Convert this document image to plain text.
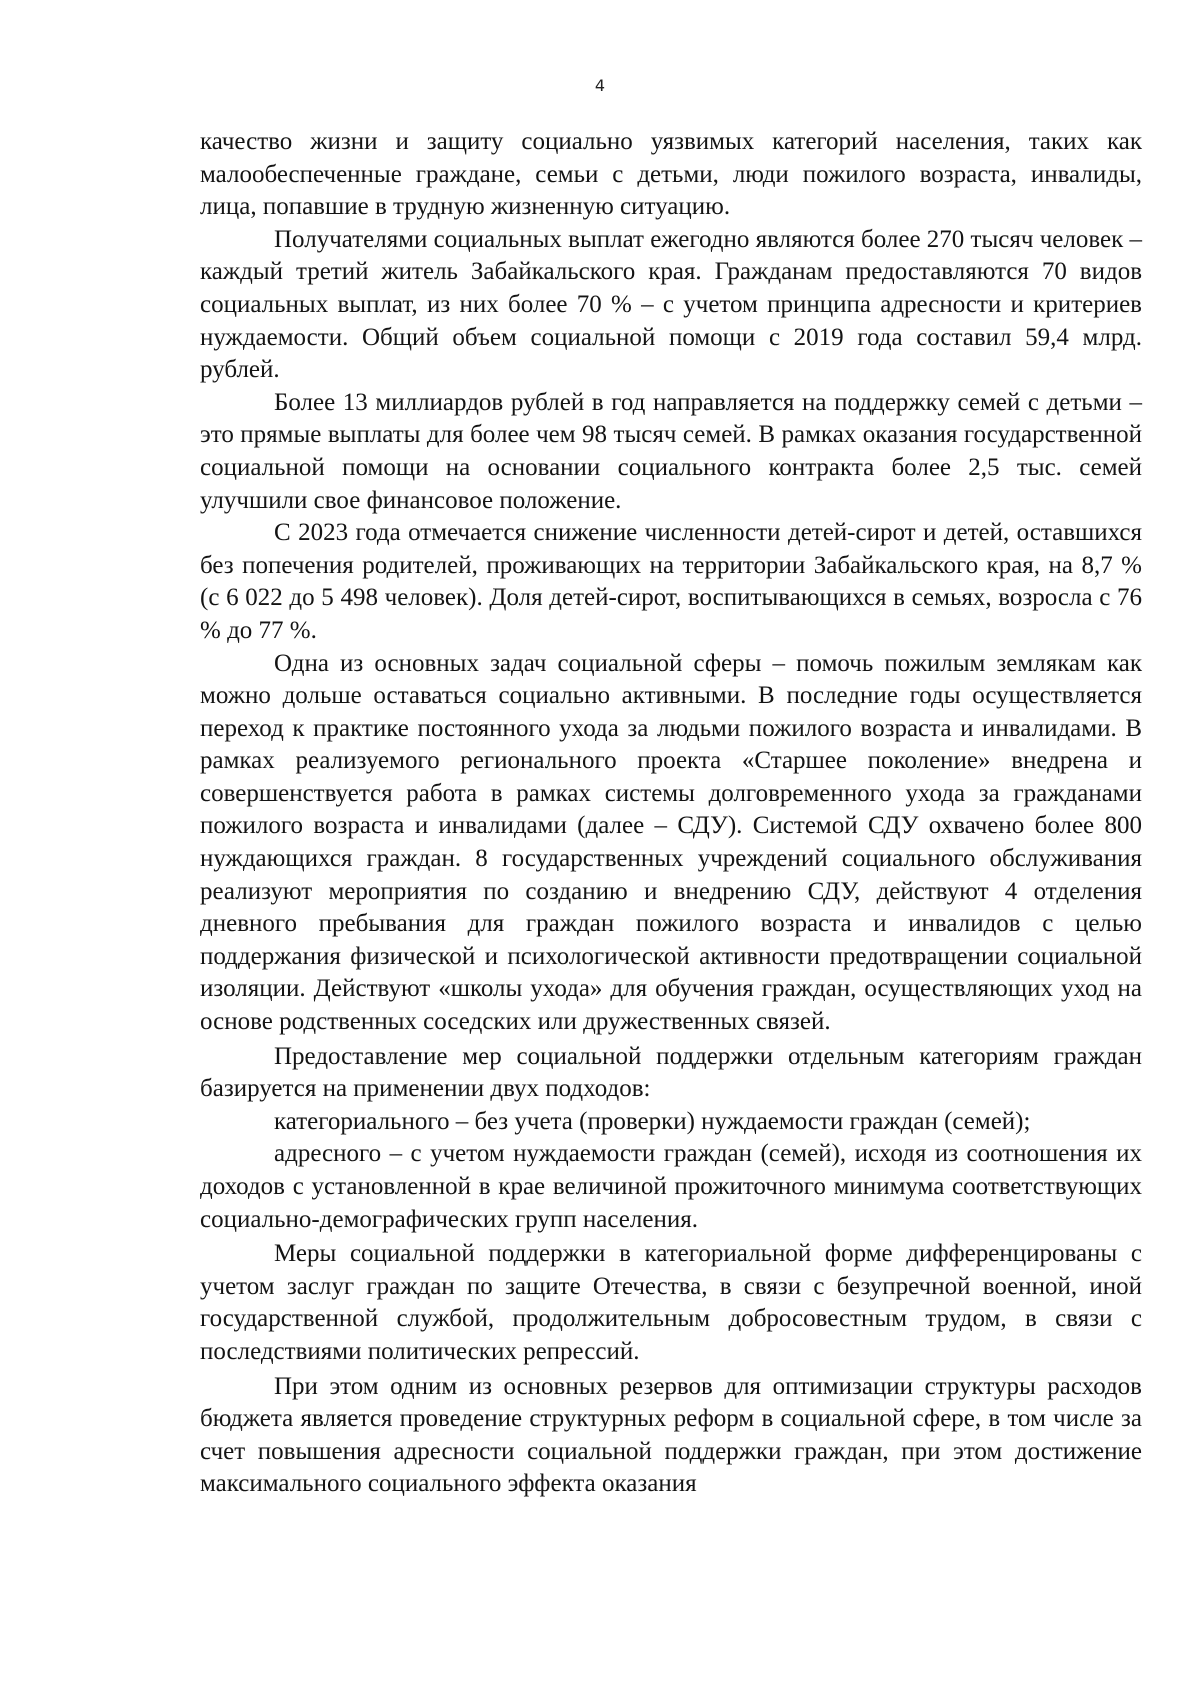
4

качество жизни и защиту социально уязвимых категорий населения, таких как малообеспеченные граждане, семьи с детьми, люди пожилого возраста, инвалиды, лица, попавшие в трудную жизненную ситуацию.

Получателями социальных выплат ежегодно являются более 270 тысяч человек – каждый третий житель Забайкальского края. Гражданам предоставляются 70 видов социальных выплат, из них более 70 % – с учетом принципа адресности и критериев нуждаемости. Общий объем социальной помощи с 2019 года составил 59,4 млрд. рублей.

Более 13 миллиардов рублей в год направляется на поддержку семей с детьми – это прямые выплаты для более чем 98 тысяч семей. В рамках оказания государственной социальной помощи на основании социального контракта более 2,5 тыс. семей улучшили свое финансовое положение.

С 2023 года отмечается снижение численности детей-сирот и детей, оставшихся без попечения родителей, проживающих на территории Забайкальского края, на 8,7 % (с 6 022 до 5 498 человек). Доля детей-сирот, воспитывающихся в семьях, возросла с 76 % до 77 %.

Одна из основных задач социальной сферы – помочь пожилым землякам как можно дольше оставаться социально активными. В последние годы осуществляется переход к практике постоянного ухода за людьми пожилого возраста и инвалидами. В рамках реализуемого регионального проекта «Старшее поколение» внедрена и совершенствуется работа в рамках системы долговременного ухода за гражданами пожилого возраста и инвалидами (далее – СДУ). Системой СДУ охвачено более 800 нуждающихся граждан. 8 государственных учреждений социального обслуживания реализуют мероприятия по созданию и внедрению СДУ, действуют 4 отделения дневного пребывания для граждан пожилого возраста и инвалидов с целью поддержания физической и психологической активности предотвращении социальной изоляции. Действуют «школы ухода» для обучения граждан, осуществляющих уход на основе родственных соседских или дружественных связей.

Предоставление мер социальной поддержки отдельным категориям граждан базируется на применении двух подходов:

категориального – без учета (проверки) нуждаемости граждан (семей);

адресного – с учетом нуждаемости граждан (семей), исходя из соотношения их доходов с установленной в крае величиной прожиточного минимума соответствующих социально-демографических групп населения.

Меры социальной поддержки в категориальной форме дифференцированы с учетом заслуг граждан по защите Отечества, в связи с безупречной военной, иной государственной службой, продолжительным добросовестным трудом, в связи с последствиями политических репрессий.

При этом одним из основных резервов для оптимизации структуры расходов бюджета является проведение структурных реформ в социальной сфере, в том числе за счет повышения адресности социальной поддержки граждан, при этом достижение максимального социального эффекта оказания
